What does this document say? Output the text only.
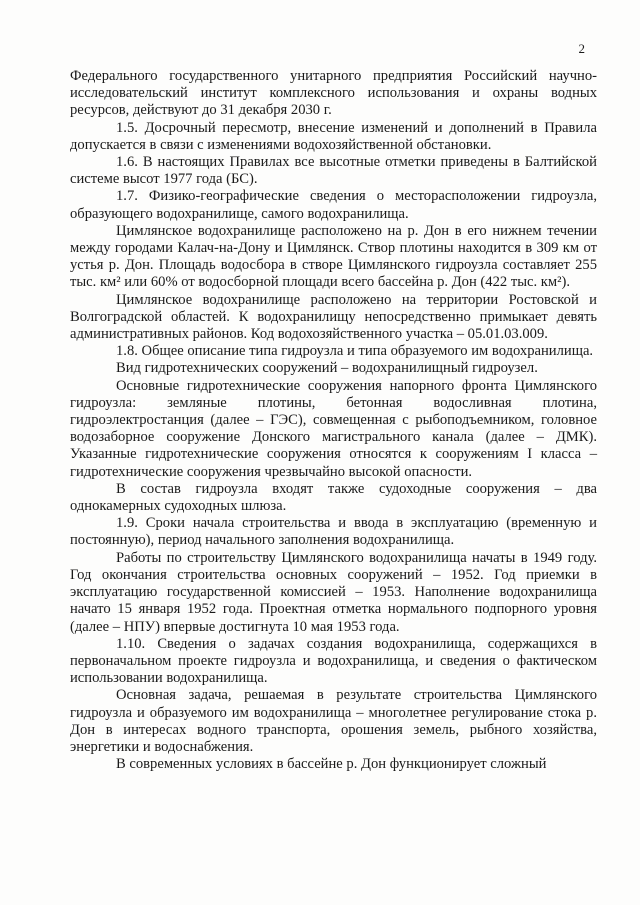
2

Федерального государственного унитарного предприятия Российский научно-исследовательский институт комплексного использования и охраны водных ресурсов, действуют до 31 декабря 2030 г.

1.5. Досрочный пересмотр, внесение изменений и дополнений в Правила допускается в связи с изменениями водохозяйственной обстановки.

1.6. В настоящих Правилах все высотные отметки приведены в Балтийской системе высот 1977 года (БС).

1.7. Физико-географические сведения о месторасположении гидроузла, образующего водохранилище, самого водохранилища.

Цимлянское водохранилище расположено на р. Дон в его нижнем течении между городами Калач-на-Дону и Цимлянск. Створ плотины находится в 309 км от устья р. Дон. Площадь водосбора в створе Цимлянского гидроузла составляет 255 тыс. км² или 60% от водосборной площади всего бассейна р. Дон (422 тыс. км²).

Цимлянское водохранилище расположено на территории Ростовской и Волгоградской областей. К водохранилищу непосредственно примыкает девять административных районов. Код водохозяйственного участка – 05.01.03.009.

1.8. Общее описание типа гидроузла и типа образуемого им водохранилища.

Вид гидротехнических сооружений – водохранилищный гидроузел.

Основные гидротехнические сооружения напорного фронта Цимлянского гидроузла: земляные плотины, бетонная водосливная плотина, гидроэлектростанция (далее – ГЭС), совмещенная с рыбоподъемником, головное водозаборное сооружение Донского магистрального канала (далее – ДМК). Указанные гидротехнические сооружения относятся к сооружениям I класса – гидротехнические сооружения чрезвычайно высокой опасности.

В состав гидроузла входят также судоходные сооружения – два однокамерных судоходных шлюза.

1.9. Сроки начала строительства и ввода в эксплуатацию (временную и постоянную), период начального заполнения водохранилища.

Работы по строительству Цимлянского водохранилища начаты в 1949 году. Год окончания строительства основных сооружений – 1952. Год приемки в эксплуатацию государственной комиссией – 1953. Наполнение водохранилища начато 15 января 1952 года. Проектная отметка нормального подпорного уровня (далее – НПУ) впервые достигнута 10 мая 1953 года.

1.10. Сведения о задачах создания водохранилища, содержащихся в первоначальном проекте гидроузла и водохранилища, и сведения о фактическом использовании водохранилища.

Основная задача, решаемая в результате строительства Цимлянского гидроузла и образуемого им водохранилища – многолетнее регулирование стока р. Дон в интересах водного транспорта, орошения земель, рыбного хозяйства, энергетики и водоснабжения.

В современных условиях в бассейне р. Дон функционирует сложный
